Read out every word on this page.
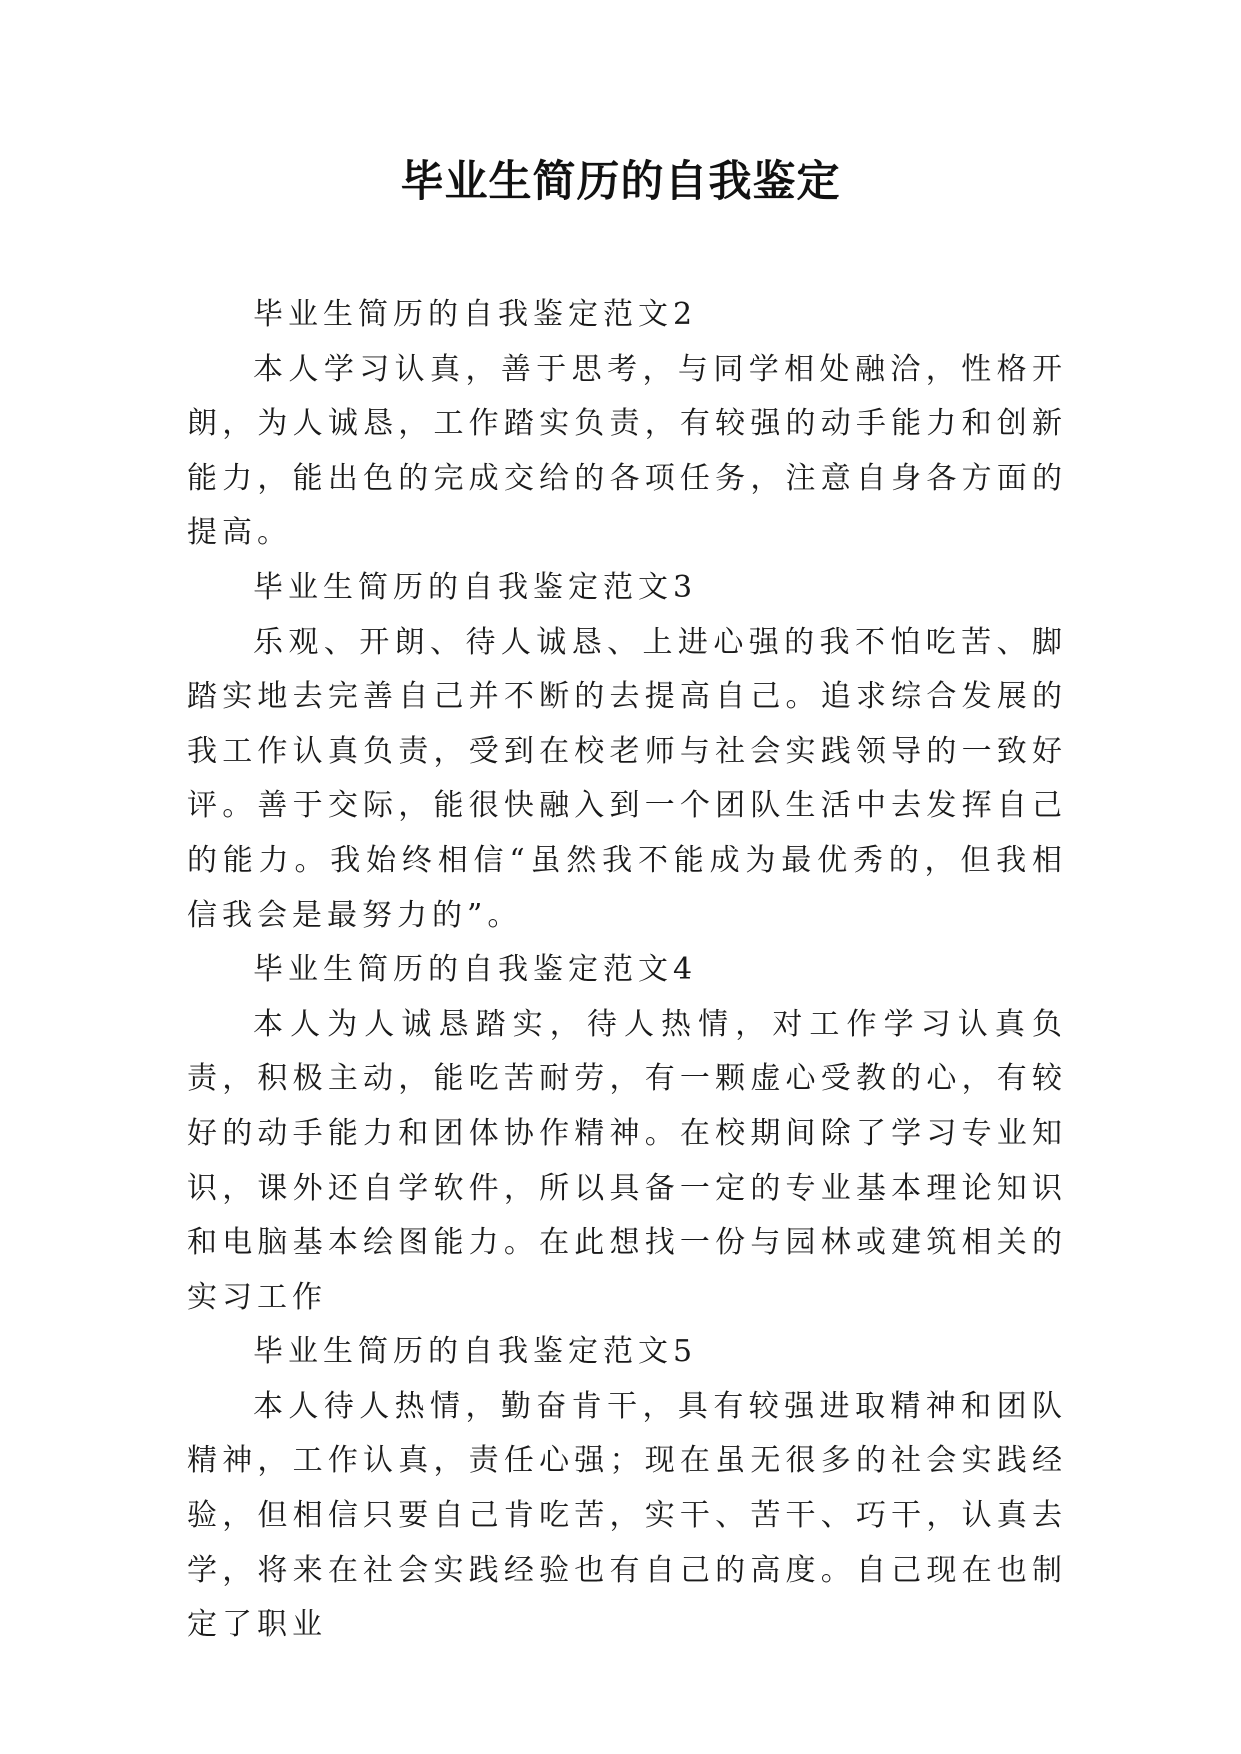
毕业生简历的自我鉴定

毕业生简历的自我鉴定范文2

本人学习认真，善于思考，与同学相处融洽，性格开朗，为人诚恳，工作踏实负责，有较强的动手能力和创新能力，能出色的完成交给的各项任务，注意自身各方面的提高。

毕业生简历的自我鉴定范文3

乐观、开朗、待人诚恳、上进心强的我不怕吃苦、脚踏实地去完善自己并不断的去提高自己。追求综合发展的我工作认真负责，受到在校老师与社会实践领导的一致好评。善于交际，能很快融入到一个团队生活中去发挥自己的能力。我始终相信“虽然我不能成为最优秀的，但我相信我会是最努力的”。

毕业生简历的自我鉴定范文4

本人为人诚恳踏实，待人热情，对工作学习认真负责，积极主动，能吃苦耐劳，有一颗虚心受教的心，有较好的动手能力和团体协作精神。在校期间除了学习专业知识，课外还自学软件，所以具备一定的专业基本理论知识和电脑基本绘图能力。在此想找一份与园林或建筑相关的实习工作

毕业生简历的自我鉴定范文5

本人待人热情，勤奋肯干，具有较强进取精神和团队精神，工作认真，责任心强；现在虽无很多的社会实践经验，但相信只要自己肯吃苦，实干、苦干、巧干，认真去学，将来在社会实践经验也有自己的高度。自己现在也制定了职业
